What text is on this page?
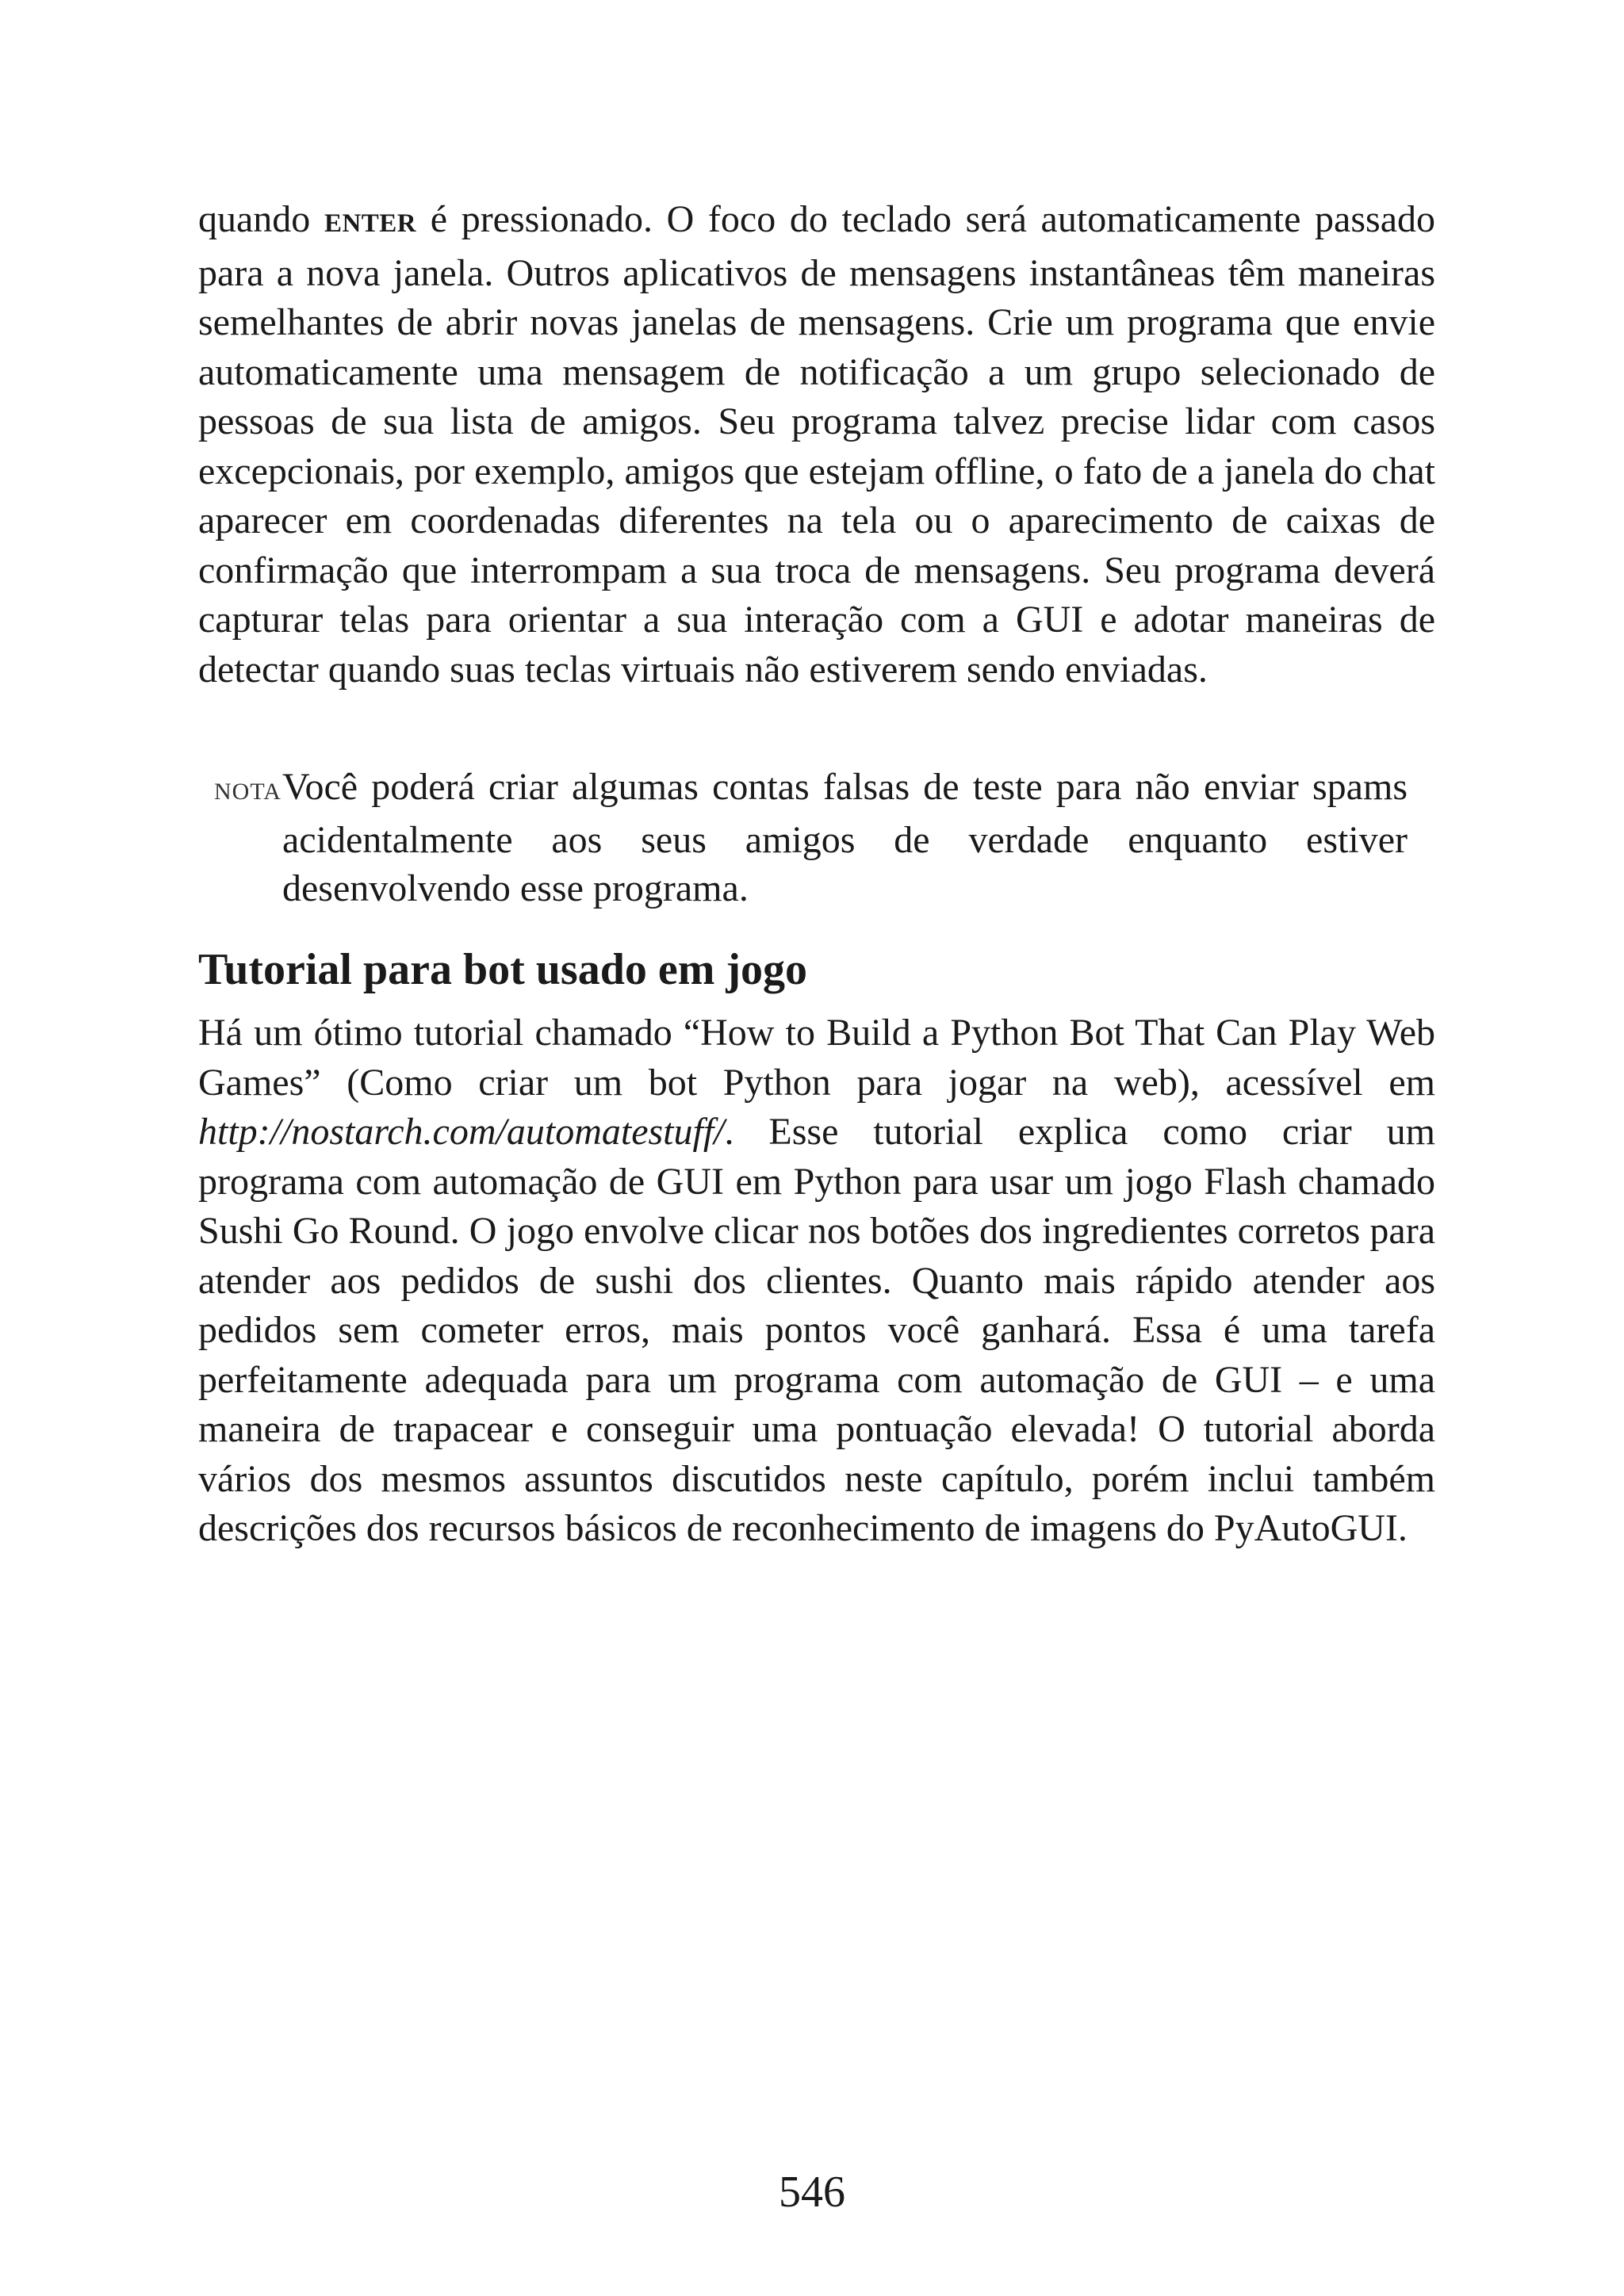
quando ENTER é pressionado. O foco do teclado será automaticamente passado para a nova janela. Outros aplicativos de mensagens instantâneas têm maneiras semelhantes de abrir novas janelas de mensagens. Crie um programa que envie automaticamente uma mensagem de notificação a um grupo selecionado de pessoas de sua lista de amigos. Seu programa talvez precise lidar com casos excepcionais, por exemplo, amigos que estejam offline, o fato de a janela do chat aparecer em coordenadas diferentes na tela ou o aparecimento de caixas de confirmação que interrompam a sua troca de mensagens. Seu programa deverá capturar telas para orientar a sua interação com a GUI e adotar maneiras de detectar quando suas teclas virtuais não estiverem sendo enviadas.

NOTAVocê poderá criar algumas contas falsas de teste para não enviar spams acidentalmente aos seus amigos de verdade enquanto estiver desenvolvendo esse programa.

Tutorial para bot usado em jogo

Há um ótimo tutorial chamado “How to Build a Python Bot That Can Play Web Games” (Como criar um bot Python para jogar na web), acessível em http://nostarch.com/automatestuff/. Esse tutorial explica como criar um programa com automação de GUI em Python para usar um jogo Flash chamado Sushi Go Round. O jogo envolve clicar nos botões dos ingredientes corretos para atender aos pedidos de sushi dos clientes. Quanto mais rápido atender aos pedidos sem cometer erros, mais pontos você ganhará. Essa é uma tarefa perfeitamente adequada para um programa com automação de GUI – e uma maneira de trapacear e conseguir uma pontuação elevada! O tutorial aborda vários dos mesmos assuntos discutidos neste capítulo, porém inclui também descrições dos recursos básicos de reconhecimento de imagens do PyAutoGUI.

546
